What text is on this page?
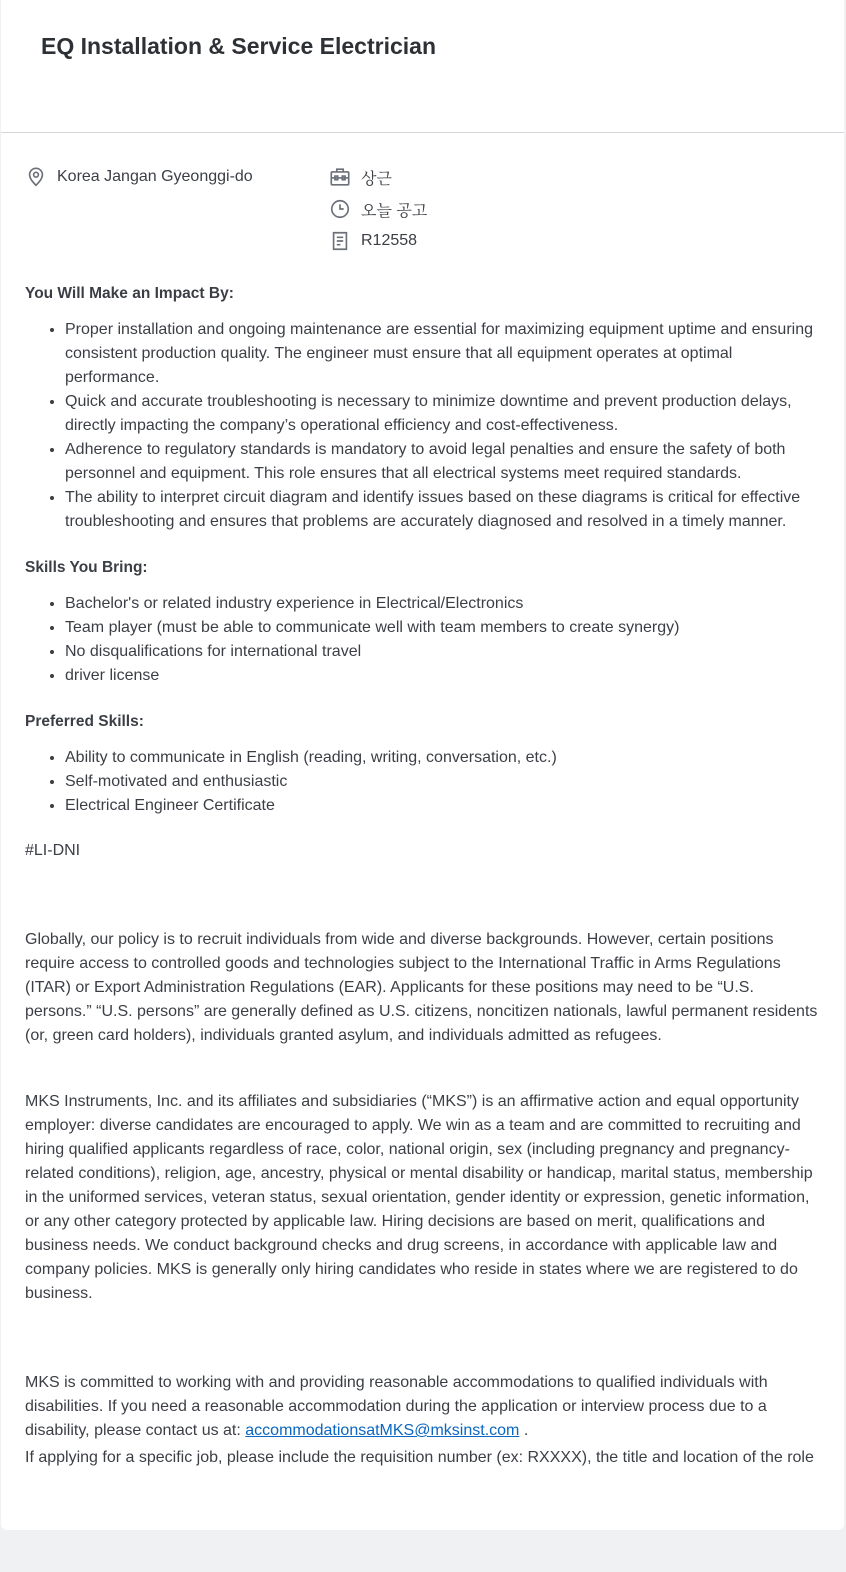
EQ Installation & Service Electrician
Korea Jangan Gyeonggi-do	상근
오늘 공고
R12558

You Will Make an Impact By:

• Proper installation and ongoing maintenance are essential for maximizing equipment uptime and ensuring consistent production quality. The engineer must ensure that all equipment operates at optimal performance.
• Quick and accurate troubleshooting is necessary to minimize downtime and prevent production delays, directly impacting the company’s operational efficiency and cost-effectiveness.
• Adherence to regulatory standards is mandatory to avoid legal penalties and ensure the safety of both personnel and equipment. This role ensures that all electrical systems meet required standards.
• The ability to interpret circuit diagram and identify issues based on these diagrams is critical for effective troubleshooting and ensures that problems are accurately diagnosed and resolved in a timely manner.

Skills You Bring:

• Bachelor's or related industry experience in Electrical/Electronics
• Team player (must be able to communicate well with team members to create synergy)
• No disqualifications for international travel
• driver license

Preferred Skills:

• Ability to communicate in English (reading, writing, conversation, etc.)
• Self-motivated and enthusiastic
• Electrical Engineer Certificate

#LI-DNI

Globally, our policy is to recruit individuals from wide and diverse backgrounds. However, certain positions require access to controlled goods and technologies subject to the International Traffic in Arms Regulations (ITAR) or Export Administration Regulations (EAR). Applicants for these positions may need to be “U.S. persons.” “U.S. persons” are generally defined as U.S. citizens, noncitizen nationals, lawful permanent residents (or, green card holders), individuals granted asylum, and individuals admitted as refugees.

MKS Instruments, Inc. and its affiliates and subsidiaries (“MKS”) is an affirmative action and equal opportunity employer: diverse candidates are encouraged to apply. We win as a team and are committed to recruiting and hiring qualified applicants regardless of race, color, national origin, sex (including pregnancy and pregnancy-related conditions), religion, age, ancestry, physical or mental disability or handicap, marital status, membership in the uniformed services, veteran status, sexual orientation, gender identity or expression, genetic information, or any other category protected by applicable law. Hiring decisions are based on merit, qualifications and business needs. We conduct background checks and drug screens, in accordance with applicable law and company policies. MKS is generally only hiring candidates who reside in states where we are registered to do business.

MKS is committed to working with and providing reasonable accommodations to qualified individuals with disabilities. If you need a reasonable accommodation during the application or interview process due to a disability, please contact us at: accommodationsatMKS@mksinst.com .

If applying for a specific job, please include the requisition number (ex: RXXXX), the title and location of the role
